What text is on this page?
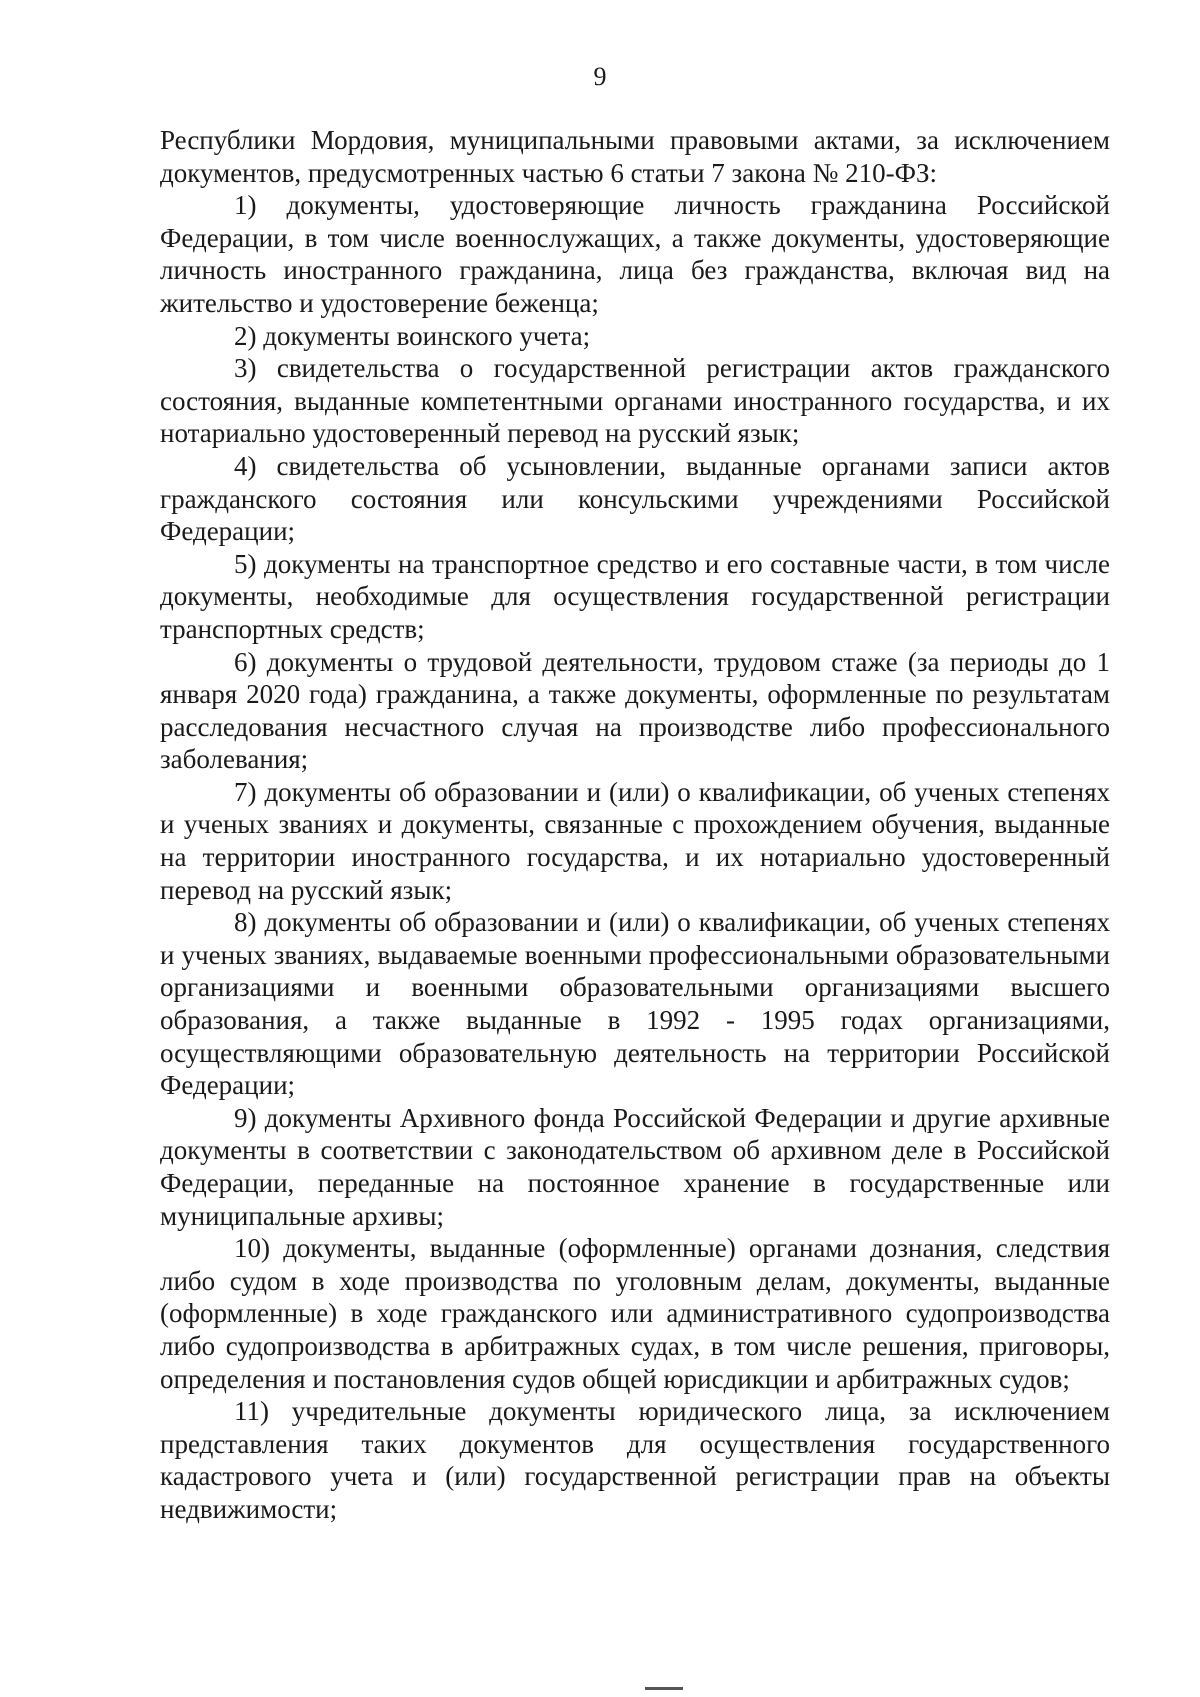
9

Республики Мордовия, муниципальными правовыми актами, за исключением документов, предусмотренных частью 6 статьи 7 закона № 210-ФЗ:

1) документы, удостоверяющие личность гражданина Российской Федерации, в том числе военнослужащих, а также документы, удостоверяющие личность иностранного гражданина, лица без гражданства, включая вид на жительство и удостоверение беженца;

2) документы воинского учета;

3) свидетельства о государственной регистрации актов гражданского состояния, выданные компетентными органами иностранного государства, и их нотариально удостоверенный перевод на русский язык;

4) свидетельства об усыновлении, выданные органами записи актов гражданского состояния или консульскими учреждениями Российской Федерации;

5) документы на транспортное средство и его составные части, в том числе документы, необходимые для осуществления государственной регистрации транспортных средств;

6) документы о трудовой деятельности, трудовом стаже (за периоды до 1 января 2020 года) гражданина, а также документы, оформленные по результатам расследования несчастного случая на производстве либо профессионального заболевания;

7) документы об образовании и (или) о квалификации, об ученых степенях и ученых званиях и документы, связанные с прохождением обучения, выданные на территории иностранного государства, и их нотариально удостоверенный перевод на русский язык;

8) документы об образовании и (или) о квалификации, об ученых степенях и ученых званиях, выдаваемые военными профессиональными образовательными организациями и военными образовательными организациями высшего образования, а также выданные в 1992 - 1995 годах организациями, осуществляющими образовательную деятельность на территории Российской Федерации;

9) документы Архивного фонда Российской Федерации и другие архивные документы в соответствии с законодательством об архивном деле в Российской Федерации, переданные на постоянное хранение в государственные или муниципальные архивы;

10) документы, выданные (оформленные) органами дознания, следствия либо судом в ходе производства по уголовным делам, документы, выданные (оформленные) в ходе гражданского или административного судопроизводства либо судопроизводства в арбитражных судах, в том числе решения, приговоры, определения и постановления судов общей юрисдикции и арбитражных судов;

11) учредительные документы юридического лица, за исключением представления таких документов для осуществления государственного кадастрового учета и (или) государственной регистрации прав на объекты недвижимости;
